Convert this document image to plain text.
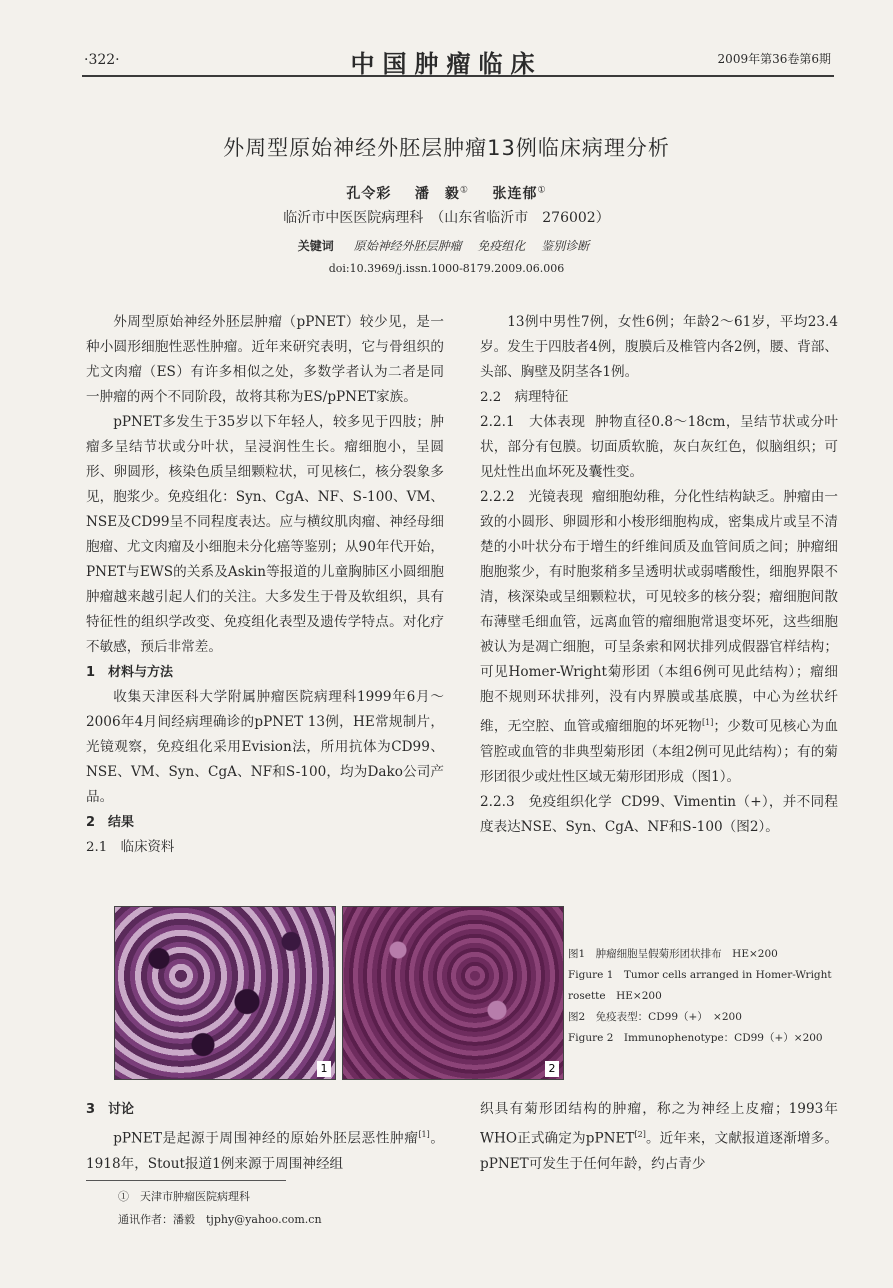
·322·	中国肿瘤临床	2009年第36卷第6期
外周型原始神经外胚层肿瘤13例临床病理分析
孔令彩 潘　毅① 张连郁①
临沂市中医医院病理科　（山东省临沂市　276002）
关键词 原始神经外胚层肿瘤 免疫组化 鉴别诊断
doi:10.3969/j.issn.1000-8179.2009.06.006

外周型原始神经外胚层肿瘤（pPNET）较少见，是一种小圆形细胞性恶性肿瘤。近年来研究表明，它与骨组织的尤文肉瘤（ES）有许多相似之处，多数学者认为二者是同一肿瘤的两个不同阶段，故将其称为ES/pPNET家族。

pPNET多发生于35岁以下年轻人，较多见于四肢；肿瘤多呈结节状或分叶状，呈浸润性生长。瘤细胞小，呈圆形、卵圆形，核染色质呈细颗粒状，可见核仁，核分裂象多见，胞浆少。免疫组化：Syn、CgA、NF、S-100、VM、NSE及CD99呈不同程度表达。应与横纹肌肉瘤、神经母细胞瘤、尤文肉瘤及小细胞未分化癌等鉴别；从90年代开始，PNET与EWS的关系及Askin等报道的儿童胸肺区小圆细胞肿瘤越来越引起人们的关注。大多发生于骨及软组织，具有特征性的组织学改变、免疫组化表型及遗传学特点。对化疗不敏感，预后非常差。

1　材料与方法

收集天津医科大学附属肿瘤医院病理科1999年6月～2006年4月间经病理确诊的pPNET 13例，HE常规制片，光镜观察，免疫组化采用Evision法，所用抗体为CD99、NSE、VM、Syn、CgA、NF和S-100，均为Dako公司产品。

2　结果

2.1　临床资料

13例中男性7例，女性6例；年龄2～61岁，平均23.4岁。发生于四肢者4例，腹膜后及椎管内各2例，腰、背部、头部、胸壁及阴茎各1例。

2.2　病理特征

2.2.1　大体表现 肿物直径0.8～18cm，呈结节状或分叶状，部分有包膜。切面质软脆，灰白灰红色，似脑组织；可见灶性出血坏死及囊性变。

2.2.2　光镜表现 瘤细胞幼稚，分化性结构缺乏。肿瘤由一致的小圆形、卵圆形和小梭形细胞构成，密集成片或呈不清楚的小叶状分布于增生的纤维间质及血管间质之间；肿瘤细胞胞浆少，有时胞浆稍多呈透明状或弱嗜酸性，细胞界限不清，核深染或呈细颗粒状，可见较多的核分裂；瘤细胞间散布薄壁毛细血管，远离血管的瘤细胞常退变坏死，这些细胞被认为是凋亡细胞，可呈条索和网状排列成假器官样结构；可见Homer-Wright菊形团（本组6例可见此结构）；瘤细胞不规则环状排列，没有内界膜或基底膜，中心为丝状纤维，无空腔、血管或瘤细胞的坏死物[1]；少数可见核心为血管腔或血管的非典型菊形团（本组2例可见此结构）；有的菊形团很少或灶性区域无菊形团形成（图1）。

2.2.3　免疫组织化学 CD99、Vimentin（+），并不同程度表达NSE、Syn、CgA、NF和S-100（图2）。

1	2

图1　肿瘤细胞呈假菊形团状排布　HE×200

Figure 1　Tumor cells arranged in Homer-Wright rosette　HE×200

图2　免疫表型：CD99（+）　×200

Figure 2　Immunophenotype：CD99（+）×200

3　讨论

pPNET是起源于周围神经的原始外胚层恶性肿瘤[1]。1918年，Stout报道1例来源于周围神经组

织具有菊形团结构的肿瘤，称之为神经上皮瘤；1993年WHO正式确定为pPNET[2]。近年来，文献报道逐渐增多。pPNET可发生于任何年龄，约占青少

①　天津市肿瘤医院病理科
通讯作者：潘毅　tjphy@yahoo.com.cn
